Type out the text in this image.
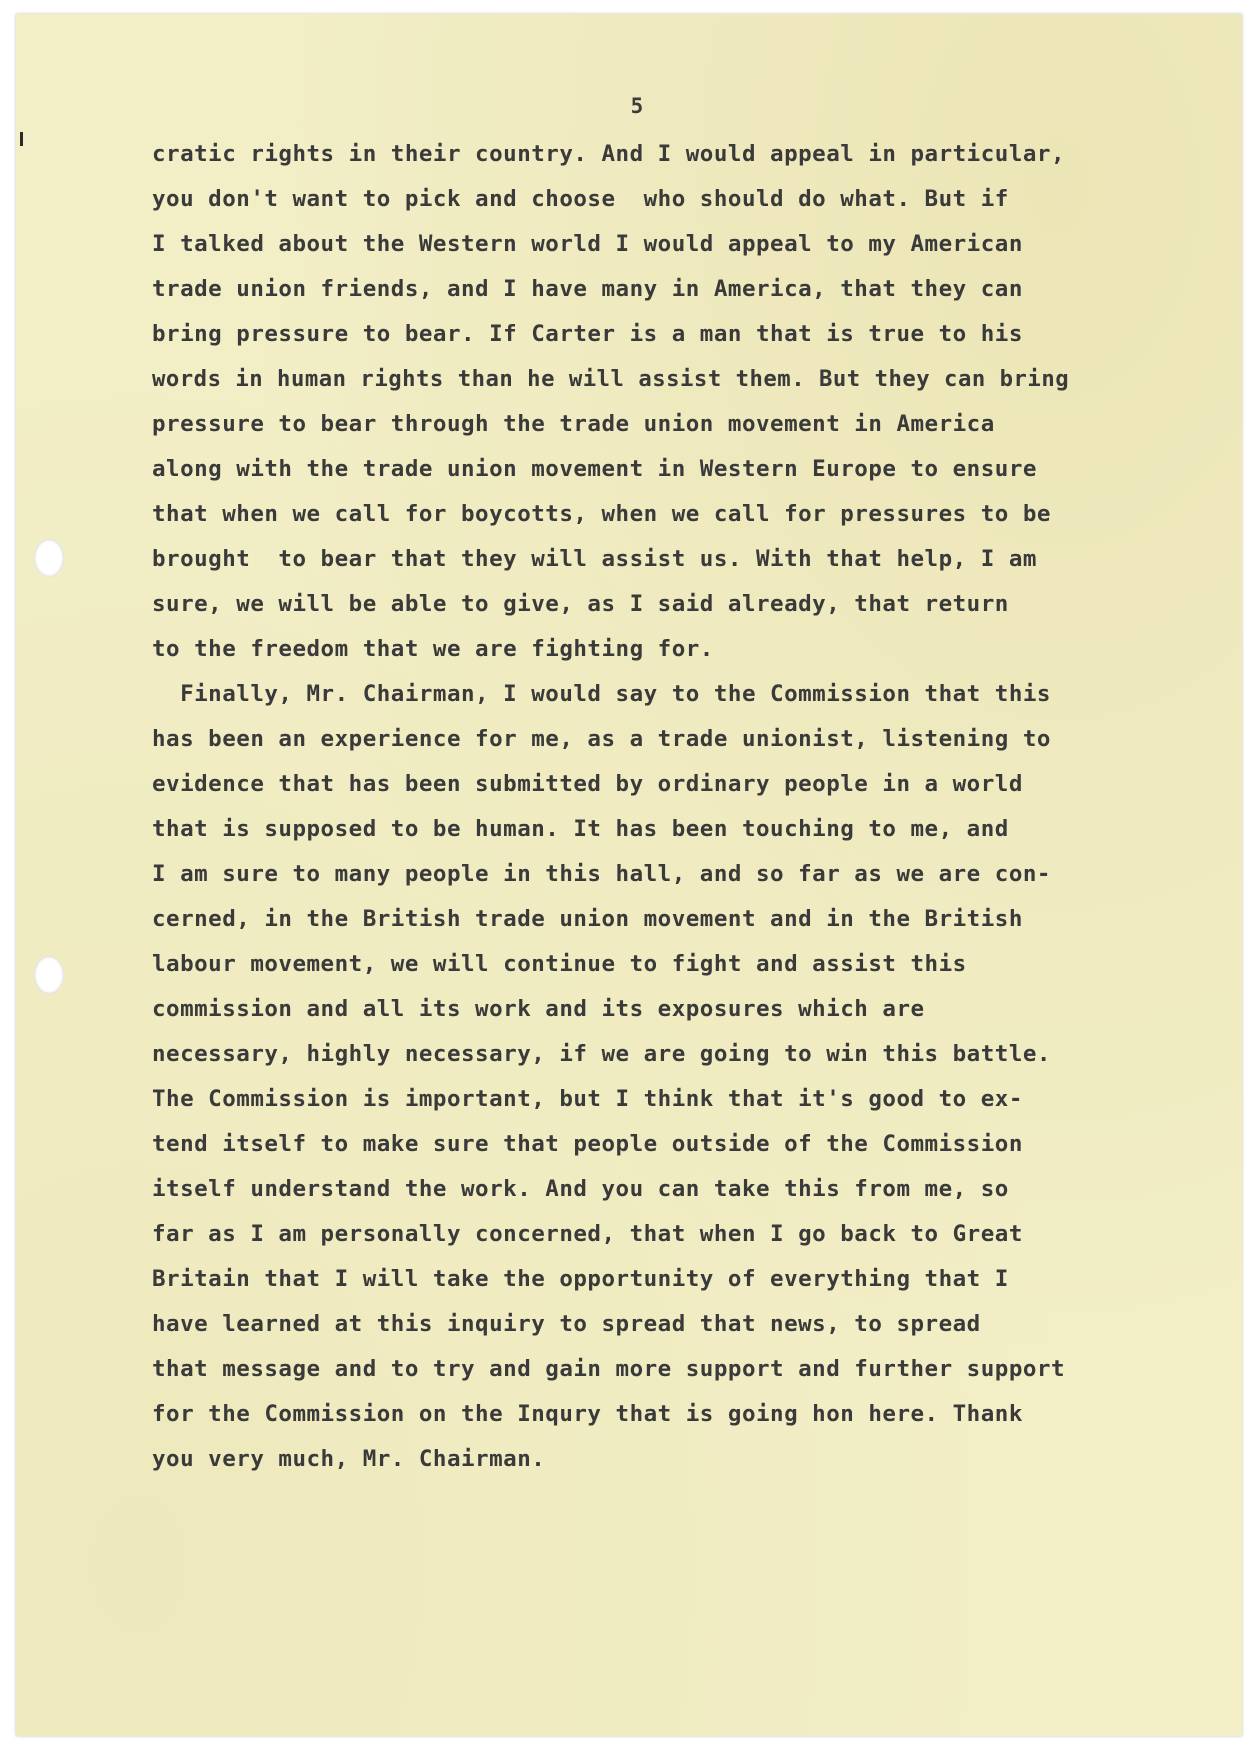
5
cratic rights in their country. And I would appeal in particular,
you don't want to pick and choose  who should do what. But if
I talked about the Western world I would appeal to my American
trade union friends, and I have many in America, that they can
bring pressure to bear. If Carter is a man that is true to his
words in human rights than he will assist them. But they can bring
pressure to bear through the trade union movement in America
along with the trade union movement in Western Europe to ensure
that when we call for boycotts, when we call for pressures to be
brought  to bear that they will assist us. With that help, I am
sure, we will be able to give, as I said already, that return
to the freedom that we are fighting for.
Finally, Mr. Chairman, I would say to the Commission that this
has been an experience for me, as a trade unionist, listening to
evidence that has been submitted by ordinary people in a world
that is supposed to be human. It has been touching to me, and
I am sure to many people in this hall, and so far as we are con-
cerned, in the British trade union movement and in the British
labour movement, we will continue to fight and assist this
commission and all its work and its exposures which are
necessary, highly necessary, if we are going to win this battle.
The Commission is important, but I think that it's good to ex-
tend itself to make sure that people outside of the Commission
itself understand the work. And you can take this from me, so
far as I am personally concerned, that when I go back to Great
Britain that I will take the opportunity of everything that I
have learned at this inquiry to spread that news, to spread
that message and to try and gain more support and further support
for the Commission on the Inqury that is going hon here. Thank
you very much, Mr. Chairman.
